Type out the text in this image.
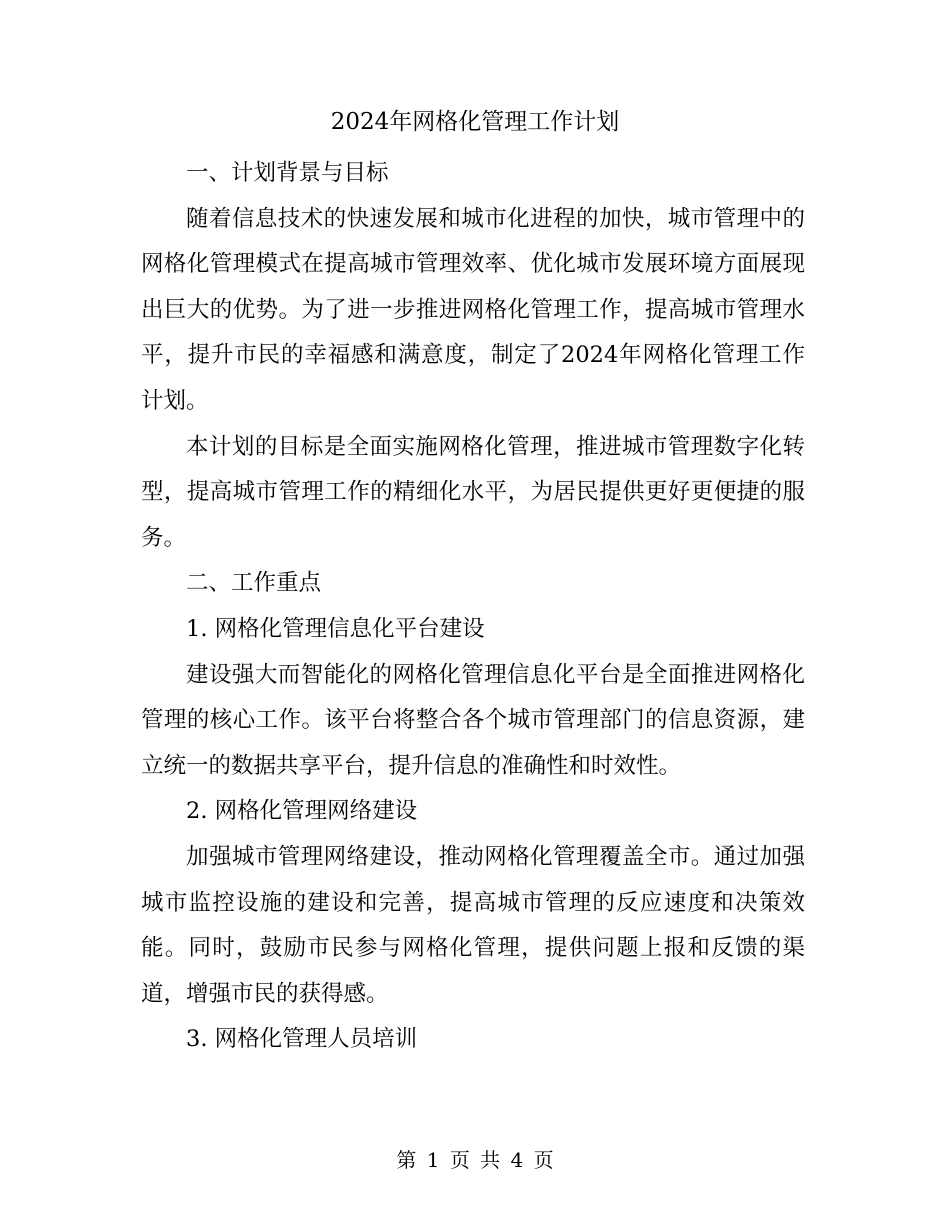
2024年网格化管理工作计划

一、计划背景与目标

随着信息技术的快速发展和城市化进程的加快，城市管理中的网格化管理模式在提高城市管理效率、优化城市发展环境方面展现出巨大的优势。为了进一步推进网格化管理工作，提高城市管理水平，提升市民的幸福感和满意度，制定了2024年网格化管理工作计划。

本计划的目标是全面实施网格化管理，推进城市管理数字化转型，提高城市管理工作的精细化水平，为居民提供更好更便捷的服务。

二、工作重点

1. 网格化管理信息化平台建设

建设强大而智能化的网格化管理信息化平台是全面推进网格化管理的核心工作。该平台将整合各个城市管理部门的信息资源，建立统一的数据共享平台，提升信息的准确性和时效性。

2. 网格化管理网络建设

加强城市管理网络建设，推动网格化管理覆盖全市。通过加强城市监控设施的建设和完善，提高城市管理的反应速度和决策效能。同时，鼓励市民参与网格化管理，提供问题上报和反馈的渠道，增强市民的获得感。

3. 网格化管理人员培训

第 1 页 共 4 页
